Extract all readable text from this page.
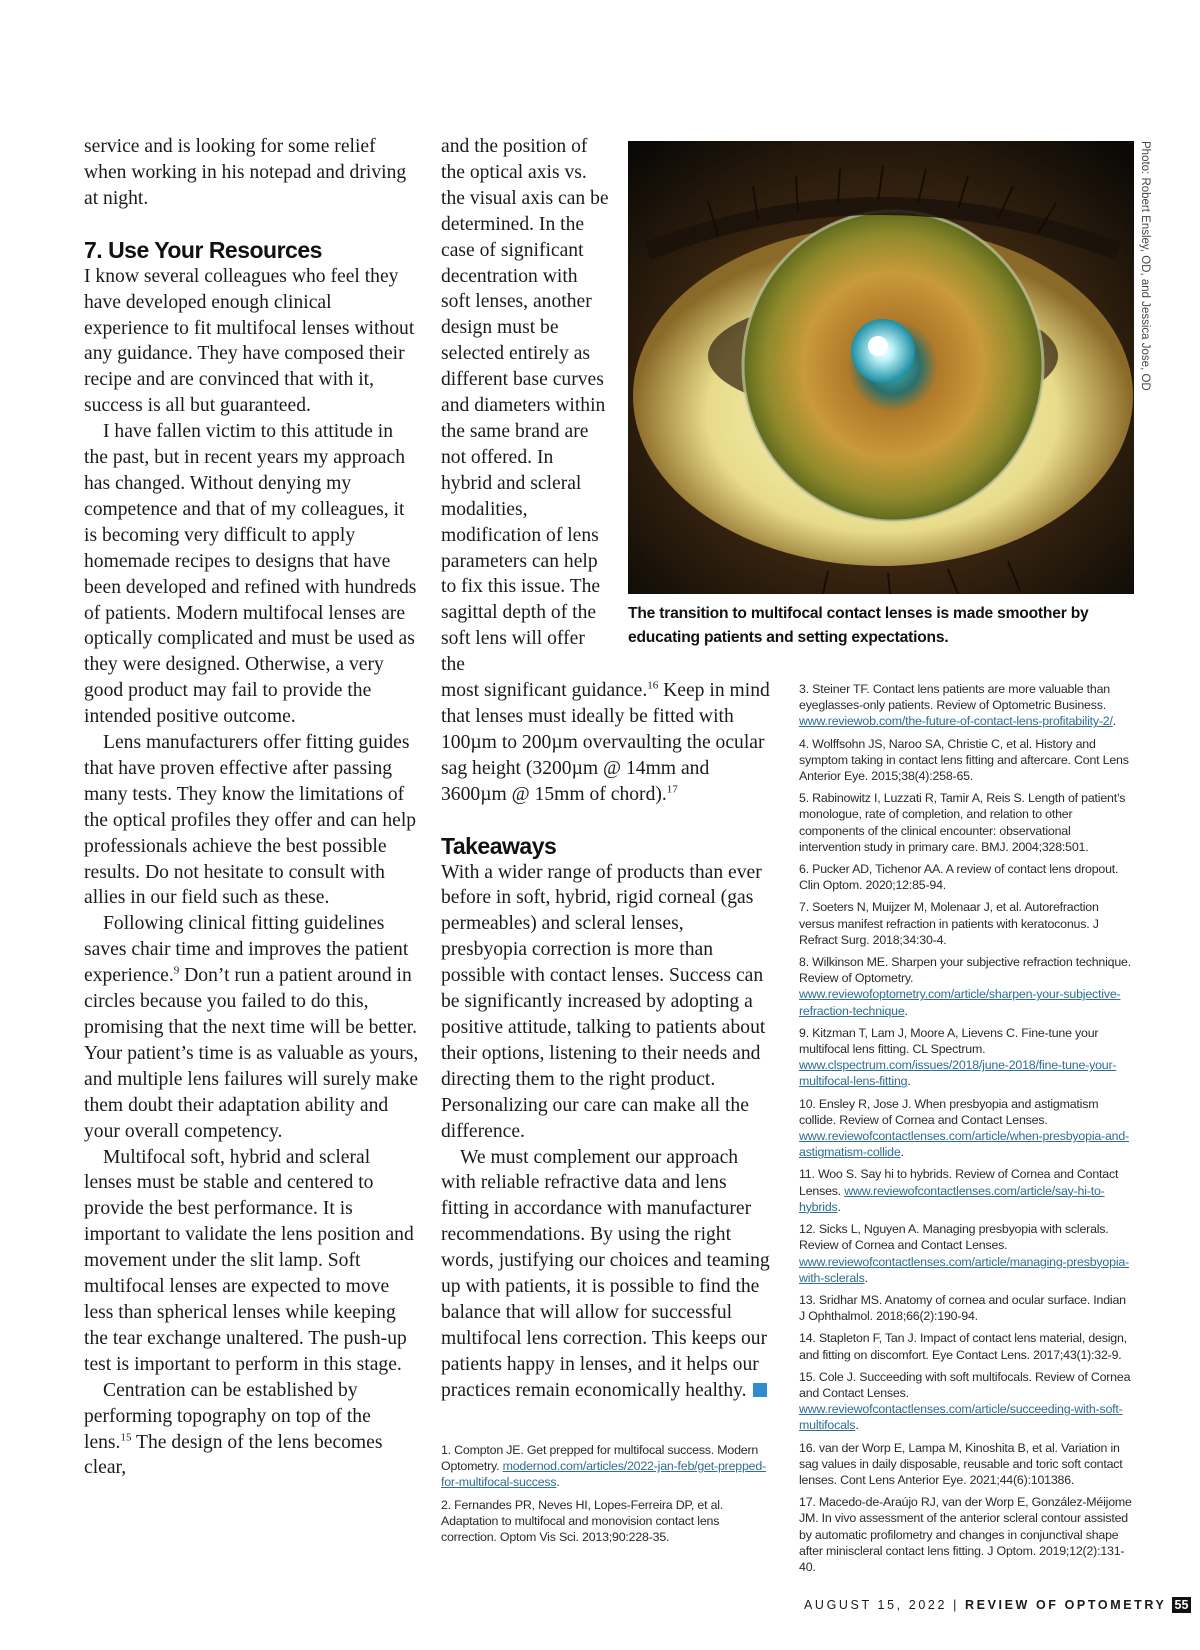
service and is looking for some relief when working in his notepad and driving at night.

7. Use Your Resources

I know several colleagues who feel they have developed enough clinical experience to fit multifocal lenses without any guidance. They have composed their recipe and are convinced that with it, success is all but guaranteed.

I have fallen victim to this attitude in the past, but in recent years my approach has changed. Without denying my competence and that of my colleagues, it is becoming very difficult to apply homemade recipes to designs that have been developed and refined with hundreds of patients. Modern multifocal lenses are optically complicated and must be used as they were designed. Otherwise, a very good product may fail to provide the intended positive outcome.

Lens manufacturers offer fitting guides that have proven effective after passing many tests. They know the limitations of the optical profiles they offer and can help professionals achieve the best possible results. Do not hesitate to consult with allies in our field such as these.

Following clinical fitting guidelines saves chair time and improves the patient experience.$^9$ Don’t run a patient around in circles because you failed to do this, promising that the next time will be better. Your patient’s time is as valuable as yours, and multiple lens failures will surely make them doubt their adaptation ability and your overall competency.

Multifocal soft, hybrid and scleral lenses must be stable and centered to provide the best performance. It is important to validate the lens position and movement under the slit lamp. Soft multifocal lenses are expected to move less than spherical lenses while keeping the tear exchange unaltered. The push-up test is important to perform in this stage.

Centration can be established by performing topography on top of the lens.$^{15}$ The design of the lens becomes clear,

and the position of the optical axis vs. the visual axis can be determined. In the case of significant decentration with soft lenses, another design must be selected entirely as different base curves and diameters within the same brand are not offered. In hybrid and scleral modalities, modification of lens parameters can help to fix this issue. The sagittal depth of the soft lens will offer the

most significant guidance.$^{16}$ Keep in mind that lenses must ideally be fitted with 100µm to 200µm overvaulting the ocular sag height (3200µm @ 14mm and 3600µm @ 15mm of chord).$^{17}$

Takeaways

With a wider range of products than ever before in soft, hybrid, rigid corneal (gas permeables) and scleral lenses, presbyopia correction is more than possible with contact lenses. Success can be significantly increased by adopting a positive attitude, talking to patients about their options, listening to their needs and directing them to the right product. Personalizing our care can make all the difference.

We must complement our approach with reliable refractive data and lens fitting in accordance with manufacturer recommendations. By using the right words, justifying our choices and teaming up with patients, it is possible to find the balance that will allow for successful multifocal lens correction. This keeps our patients happy in lenses, and it helps our practices remain economically healthy.

Photo: Robert Ensley, OD, and Jessica Jose, OD
The transition to multifocal contact lenses is made smoother by educating patients and setting expectations.

1. Compton JE. Get prepped for multifocal success. Modern Optometry. modernod.com/articles/2022-jan-feb/get-prepped-for-multifocal-success.

2. Fernandes PR, Neves HI, Lopes-Ferreira DP, et al. Adaptation to multifocal and monovision contact lens correction. Optom Vis Sci. 2013;90:228-35.

3. Steiner TF. Contact lens patients are more valuable than eyeglasses-only patients. Review of Optometric Business. www.reviewob.com/the-future-of-contact-lens-profitability-2/.

4. Wolffsohn JS, Naroo SA, Christie C, et al. History and symptom taking in contact lens fitting and aftercare. Cont Lens Anterior Eye. 2015;38(4):258-65.

5. Rabinowitz I, Luzzati R, Tamir A, Reis S. Length of patient’s monologue, rate of completion, and relation to other components of the clinical encounter: observational intervention study in primary care. BMJ. 2004;328:501.

6. Pucker AD, Tichenor AA. A review of contact lens dropout. Clin Optom. 2020;12:85-94.

7. Soeters N, Muijzer M, Molenaar J, et al. Autorefraction versus manifest refraction in patients with keratoconus. J Refract Surg. 2018;34:30-4.

8. Wilkinson ME. Sharpen your subjective refraction technique. Review of Optometry. www.reviewofoptometry.com/article/sharpen-your-subjective-refraction-technique.

9. Kitzman T, Lam J, Moore A, Lievens C. Fine-tune your multifocal lens fitting. CL Spectrum. www.clspectrum.com/issues/2018/june-2018/fine-tune-your-multifocal-lens-fitting.

10. Ensley R, Jose J. When presbyopia and astigmatism collide. Review of Cornea and Contact Lenses. www.reviewofcontactlenses.com/article/when-presbyopia-and-astigmatism-collide.

11. Woo S. Say hi to hybrids. Review of Cornea and Contact Lenses. www.reviewofcontactlenses.com/article/say-hi-to-hybrids.

12. Sicks L, Nguyen A. Managing presbyopia with sclerals. Review of Cornea and Contact Lenses. www.reviewofcontactlenses.com/article/managing-presbyopia-with-sclerals.

13. Sridhar MS. Anatomy of cornea and ocular surface. Indian J Ophthalmol. 2018;66(2):190-94.

14. Stapleton F, Tan J. Impact of contact lens material, design, and fitting on discomfort. Eye Contact Lens. 2017;43(1):32-9.

15. Cole J. Succeeding with soft multifocals. Review of Cornea and Contact Lenses. www.reviewofcontactlenses.com/article/succeeding-with-soft-multifocals.

16. van der Worp E, Lampa M, Kinoshita B, et al. Variation in sag values in daily disposable, reusable and toric soft contact lenses. Cont Lens Anterior Eye. 2021;44(6):101386.

17. Macedo-de-Araújo RJ, van der Worp E, González-Méijome JM. In vivo assessment of the anterior scleral contour assisted by automatic profilometry and changes in conjunctival shape after miniscleral contact lens fitting. J Optom. 2019;12(2):131-40.

AUGUST 15, 2022 | REVIEW OF OPTOMETRY 55
